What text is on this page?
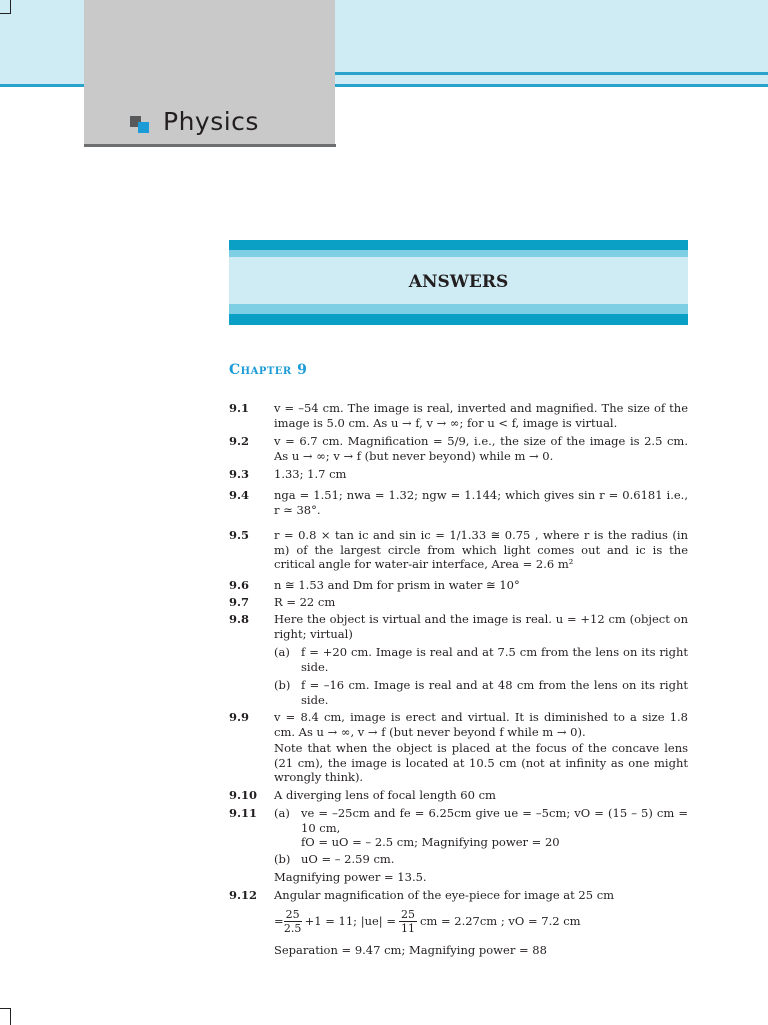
Physics
ANSWERS
Chapter 9
9.1 v = –54 cm. The image is real, inverted and magnified. The size of the image is 5.0 cm. As u → f, v → ∞; for u < f, image is virtual.
9.2 v = 6.7 cm. Magnification = 5/9, i.e., the size of the image is 2.5 cm. As u → ∞; v → f (but never beyond) while m → 0.
9.3 1.33; 1.7 cm
9.4 nga = 1.51; nwa = 1.32; ngw = 1.144; which gives sin r = 0.6181 i.e., r ≃ 38°.
9.5 r = 0.8 × tan ic and sin ic = 1/1.33 ≅ 0.75 , where r is the radius (in m) of the largest circle from which light comes out and ic is the critical angle for water-air interface, Area = 2.6 m²
9.6 n ≅ 1.53 and Dm for prism in water ≅ 10°
9.7 R = 22 cm
9.8 Here the object is virtual and the image is real. u = +12 cm (object on right; virtual)
(a) f = +20 cm. Image is real and at 7.5 cm from the lens on its right side.
(b) f = –16 cm. Image is real and at 48 cm from the lens on its right side.
9.9 v = 8.4 cm, image is erect and virtual. It is diminished to a size 1.8 cm. As u → ∞, v → f (but never beyond f while m → 0).
Note that when the object is placed at the focus of the concave lens (21 cm), the image is located at 10.5 cm (not at infinity as one might wrongly think).
9.10 A diverging lens of focal length 60 cm
9.11 (a) ve = –25cm and fe = 6.25cm give ue = –5cm; vO = (15 – 5) cm = 10 cm,
fO = uO = – 2.5 cm; Magnifying power = 20
(b) uO = – 2.59 cm.
Magnifying power = 13.5.
9.12 Angular magnification of the eye-piece for image at 25 cm
= $\frac{25}{2.5} +1 = 11$; $|ue| = \frac{25}{11}$ cm = 2.27cm ; vO = 7.2 cm
Separation = 9.47 cm; Magnifying power = 88
